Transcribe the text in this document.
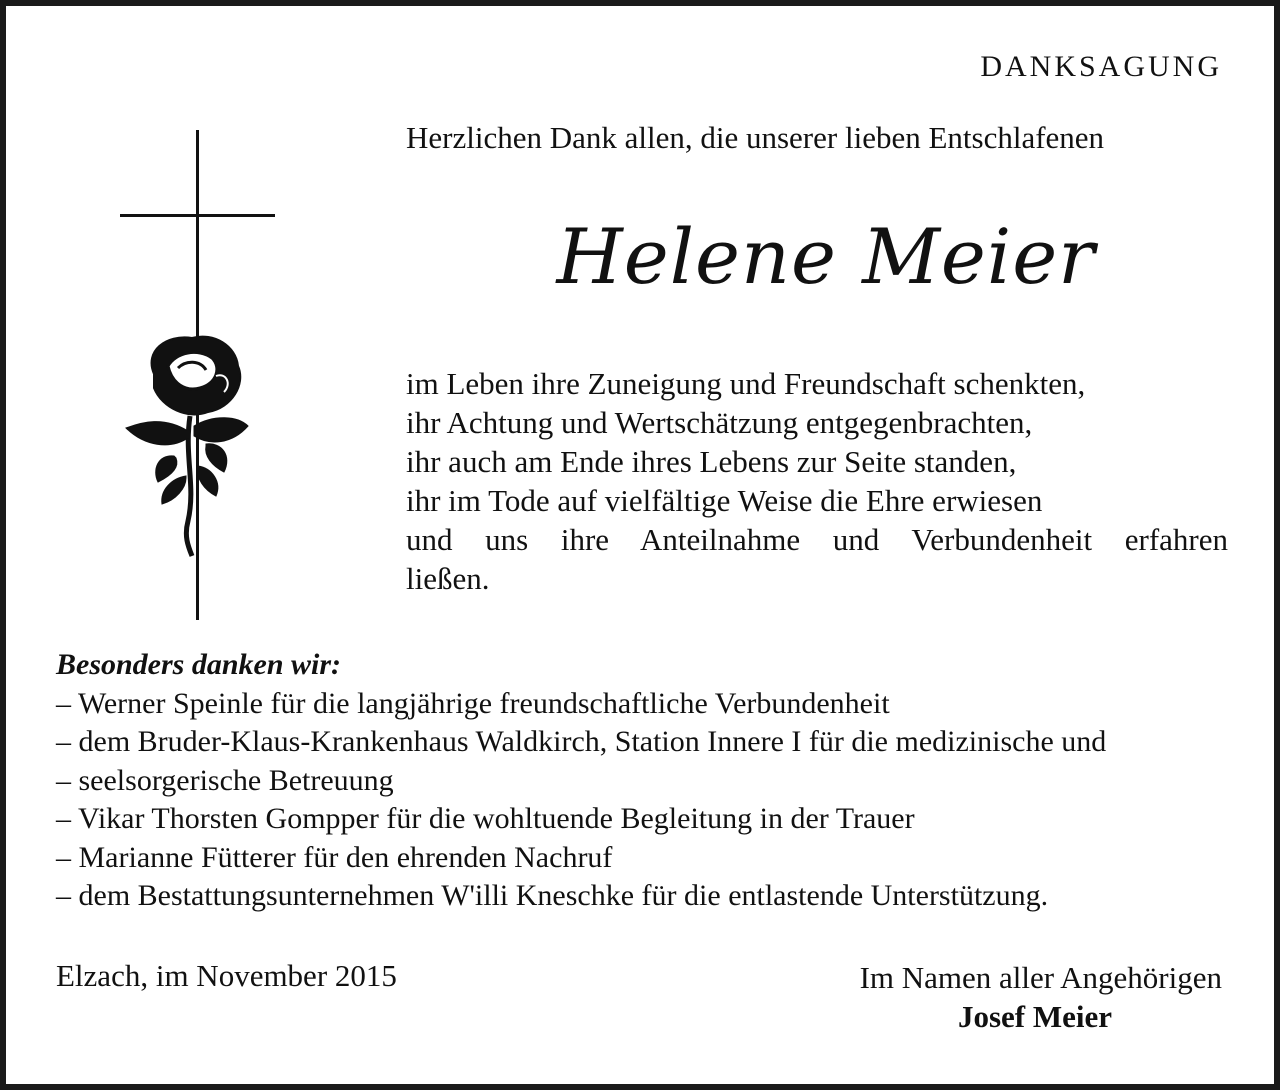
DANKSAGUNG
Herzlichen Dank allen, die unserer lieben Entschlafenen
Helene Meier
im Leben ihre Zuneigung und Freundschaft schenkten,
ihr Achtung und Wertschätzung entgegenbrachten,
ihr auch am Ende ihres Lebens zur Seite standen,
ihr im Tode auf vielfältige Weise die Ehre erwiesen
und uns ihre Anteilnahme und Verbundenheit erfahren
ließen.
Besonders danken wir:
– Werner Speinle für die langjährige freundschaftliche Verbundenheit
– dem Bruder-Klaus-Krankenhaus Waldkirch, Station Innere I für die medizinische und
– seelsorgerische Betreuung
– Vikar Thorsten Gompper für die wohltuende Begleitung in der Trauer
– Marianne Fütterer für den ehrenden Nachruf
– dem Bestattungsunternehmen W'illi Kneschke für die entlastende Unterstützung.
Elzach, im November 2015	Im Namen aller Angehörigen
Josef Meier
